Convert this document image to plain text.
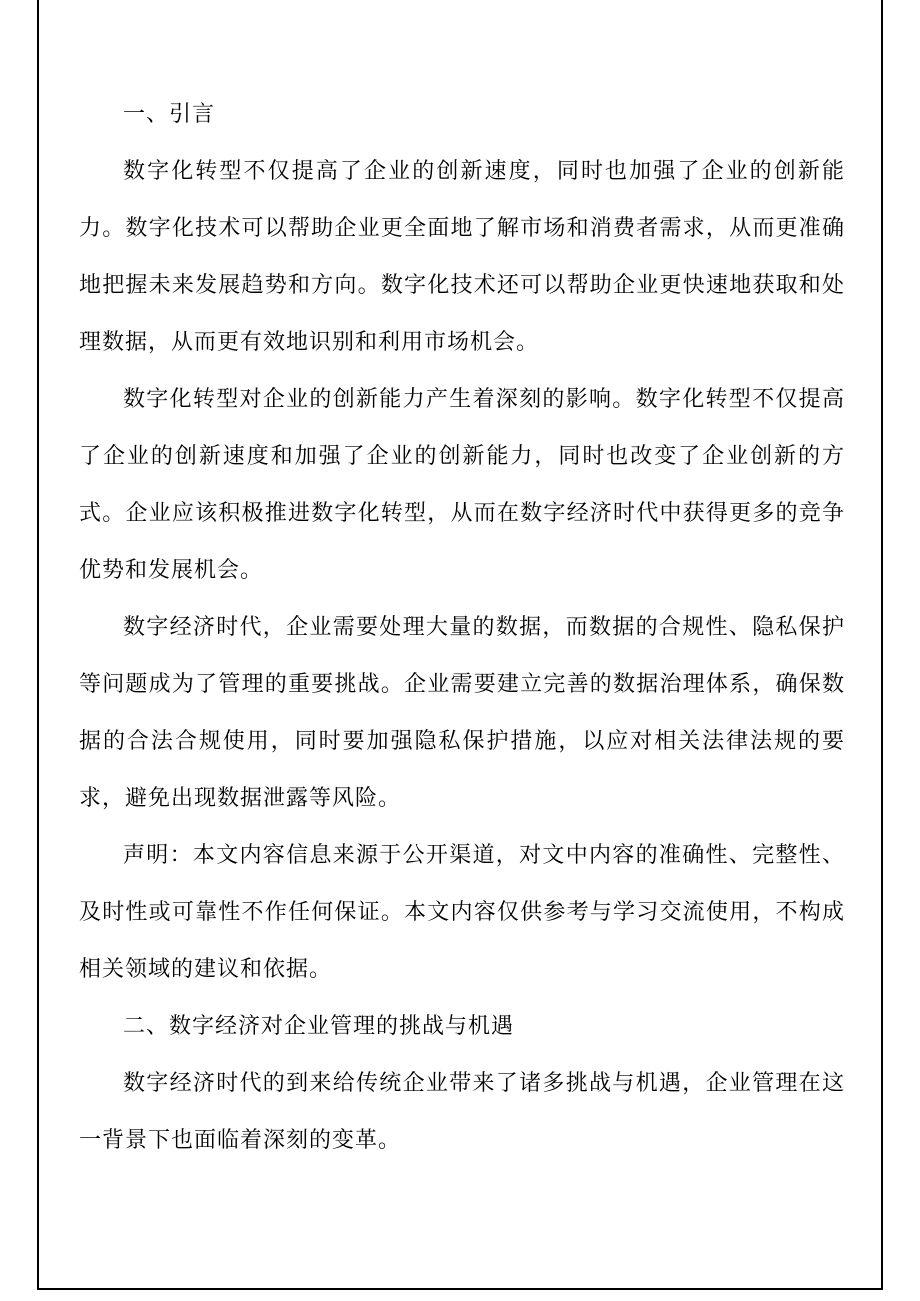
一、引言

数字化转型不仅提高了企业的创新速度，同时也加强了企业的创新能力。数字化技术可以帮助企业更全面地了解市场和消费者需求，从而更准确地把握未来发展趋势和方向。数字化技术还可以帮助企业更快速地获取和处理数据，从而更有效地识别和利用市场机会。

数字化转型对企业的创新能力产生着深刻的影响。数字化转型不仅提高了企业的创新速度和加强了企业的创新能力，同时也改变了企业创新的方式。企业应该积极推进数字化转型，从而在数字经济时代中获得更多的竞争优势和发展机会。

数字经济时代，企业需要处理大量的数据，而数据的合规性、隐私保护等问题成为了管理的重要挑战。企业需要建立完善的数据治理体系，确保数据的合法合规使用，同时要加强隐私保护措施，以应对相关法律法规的要求，避免出现数据泄露等风险。

声明：本文内容信息来源于公开渠道，对文中内容的准确性、完整性、及时性或可靠性不作任何保证。本文内容仅供参考与学习交流使用，不构成相关领域的建议和依据。

二、数字经济对企业管理的挑战与机遇

数字经济时代的到来给传统企业带来了诸多挑战与机遇，企业管理在这一背景下也面临着深刻的变革。
